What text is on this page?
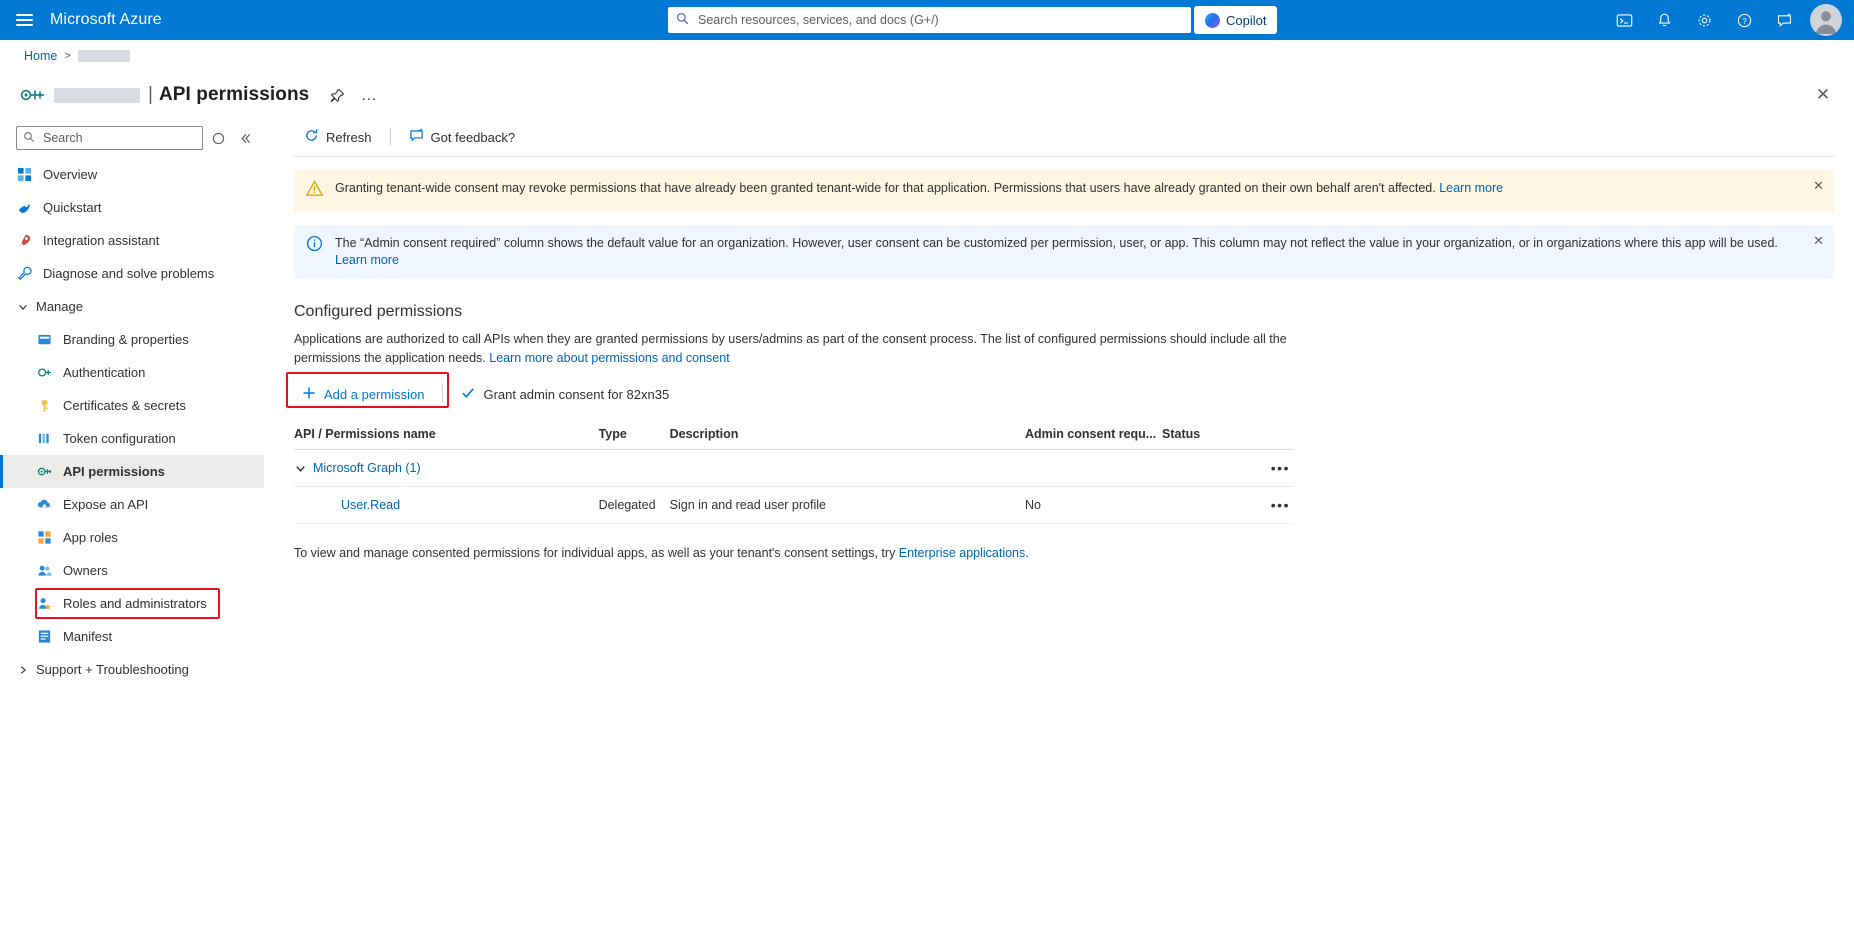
Microsoft Azure
Search resources, services, and docs (G+/)	Copilot	?
Home >
| API permissions	...	✕
Search
Overview
Quickstart
Integration assistant
Diagnose and solve problems
Manage
Branding & properties
Authentication
Certificates & secrets
Token configuration
API permissions
Expose an API
App roles
Owners
Roles and administrators
Manifest
Support + Troubleshooting
Refresh	Got feedback?
Granting tenant-wide consent may revoke permissions that have already been granted tenant-wide for that application. Permissions that users have already granted on their own behalf aren't affected. Learn more	✕
The “Admin consent required” column shows the default value for an organization. However, user consent can be customized per permission, user, or app. This column may not reflect the value in your organization, or in organizations where this app will be used. Learn more
✕
Configured permissions
Applications are authorized to call APIs when they are granted permissions by users/admins as part of the consent process. The list of configured permissions should include all the permissions the application needs. Learn more about permissions and consent
Add a permission	Grant admin consent for 82xn35
API / Permissions name	Type	Description	Admin consent requ...	Status	

Microsoft Graph (1)					•••
User.Read	Delegated	Sign in and read user profile	No		•••
To view and manage consented permissions for individual apps, as well as your tenant's consent settings, try Enterprise applications.
